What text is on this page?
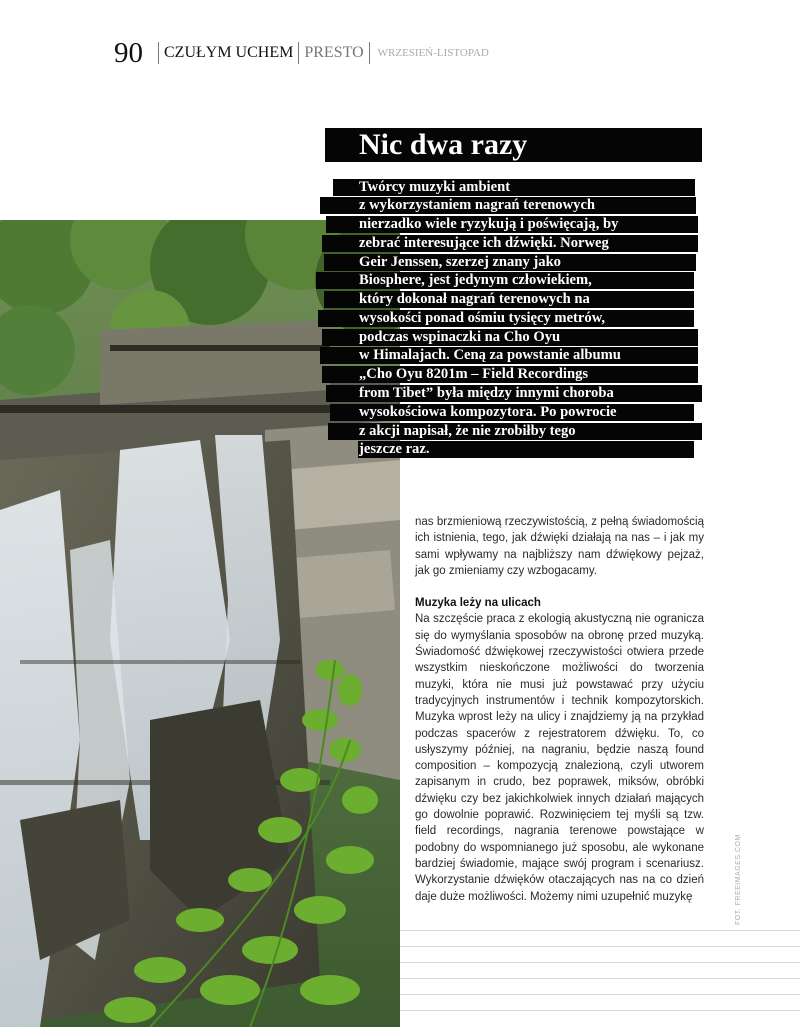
90 CZUŁYM UCHEM PRESTO WRZESIEŃ-LISTOPAD
Nic dwa razy
Twórcy muzyki ambient
z wykorzystaniem nagrań terenowych
nierzadko wiele ryzykują i poświęcają, by
zebrać interesujące ich dźwięki. Norweg
Geir Jenssen, szerzej znany jako
Biosphere, jest jedynym człowiekiem,
który dokonał nagrań terenowych na
wysokości ponad ośmiu tysięcy metrów,
podczas wspinaczki na Cho Oyu
w Himalajach. Ceną za powstanie albumu
„Cho Oyu 8201m – Field Recordings
from Tibet” była między innymi choroba
wysokościowa kompozytora. Po powrocie
z akcji napisał, że nie zrobiłby tego
jeszcze raz.

nas brzmieniową rzeczywistością, z pełną świadomością ich istnienia, tego, jak dźwięki działają na nas – i jak my sami wpływamy na najbliższy nam dźwiękowy pejzaż, jak go zmieniamy czy wzbogacamy.

Muzyka leży na ulicach

Na szczęście praca z ekologią akustyczną nie ogranicza się do wymyślania sposobów na obronę przed muzyką. Świadomość dźwiękowej rzeczywistości otwiera przede wszystkim nieskończone możliwości do tworzenia muzyki, która nie musi już powstawać przy użyciu tradycyjnych instrumentów i technik kompozytorskich. Muzyka wprost leży na ulicy i znajdziemy ją na przykład podczas spacerów z rejestratorem dźwięku. To, co usłyszymy później, na nagraniu, będzie naszą found composition – kompozycją znalezioną, czyli utworem zapisanym in crudo, bez poprawek, miksów, obróbki dźwięku czy bez jakichkolwiek innych działań mających go dowolnie poprawić. Rozwinięciem tej myśli są tzw. field recordings, nagrania terenowe powstające w podobny do wspomnianego już sposobu, ale wykonane bardziej świadomie, mające swój program i scenariusz. Wykorzystanie dźwięków otaczających nas na co dzień daje duże możliwości. Możemy nimi uzupełnić muzykę	FOT. FREEIMAGES.COM
